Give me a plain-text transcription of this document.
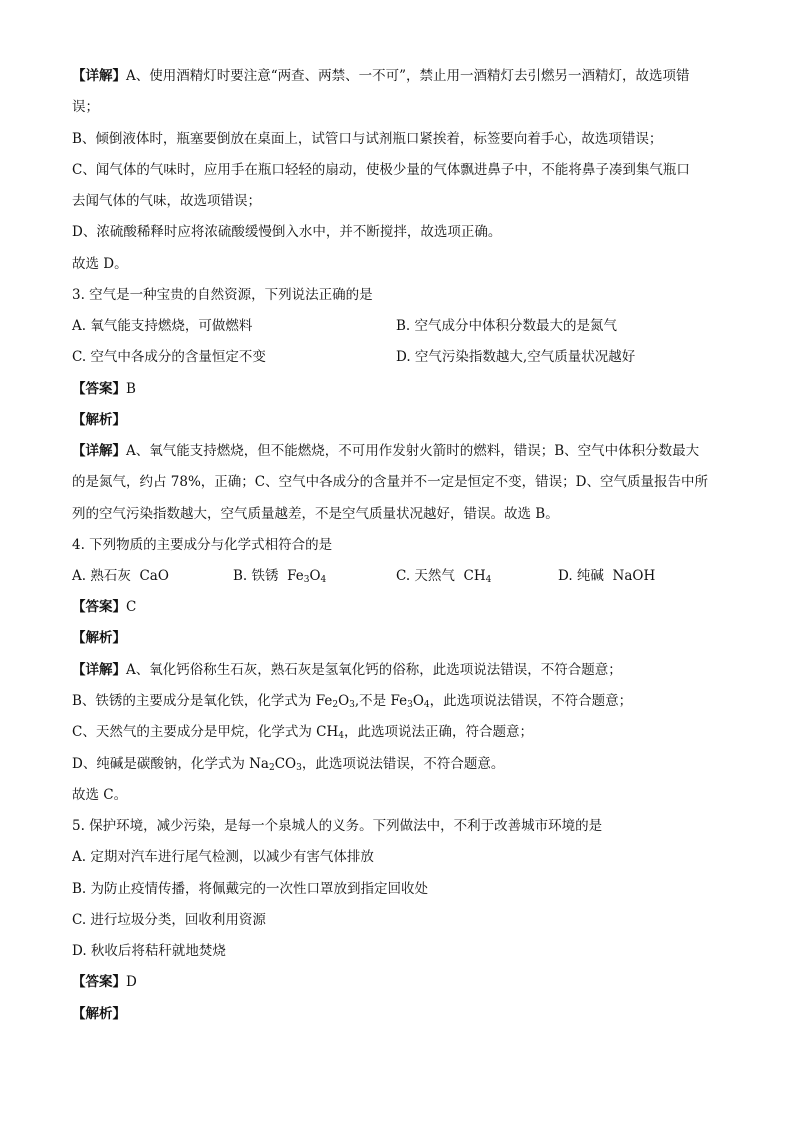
【详解】A、使用酒精灯时要注意“两查、两禁、一不可”，禁止用一酒精灯去引燃另一酒精灯，故选项错
误；
B、倾倒液体时，瓶塞要倒放在桌面上，试管口与试剂瓶口紧挨着，标签要向着手心，故选项错误；
C、闻气体的气味时，应用手在瓶口轻轻的扇动，使极少量的气体飘进鼻子中，不能将鼻子凑到集气瓶口
去闻气体的气味，故选项错误；
D、浓硫酸稀释时应将浓硫酸缓慢倒入水中，并不断搅拌，故选项正确。
故选 D。
3. 空气是一种宝贵的自然资源，下列说法正确的是
A. 氧气能支持燃烧，可做燃料	B. 空气成分中体积分数最大的是氮气
C. 空气中各成分的含量恒定不变	D. 空气污染指数越大,空气质量状况越好
【答案】B
【解析】
【详解】A、氧气能支持燃烧，但不能燃烧，不可用作发射火箭时的燃料，错误；B、空气中体积分数最大
的是氮气，约占 78%，正确；C、空气中各成分的含量并不一定是恒定不变，错误；D、空气质量报告中所
列的空气污染指数越大，空气质量越差，不是空气质量状况越好，错误。故选 B。
4. 下列物质的主要成分与化学式相符合的是
A. 熟石灰 CaO	B. 铁锈 $Fe_3O_4$	C. 天然气 $CH_4$	D. 纯碱 NaOH
【答案】C
【解析】
【详解】A、氧化钙俗称生石灰，熟石灰是氢氧化钙的俗称，此选项说法错误，不符合题意；
B、铁锈的主要成分是氧化铁，化学式为 $Fe_2O_3$,不是 $Fe_3O_4$，此选项说法错误，不符合题意；
C、天然气的主要成分是甲烷，化学式为 $CH_4$，此选项说法正确，符合题意；
D、纯碱是碳酸钠，化学式为 $Na_2CO_3$，此选项说法错误，不符合题意。
故选 C。
5. 保护环境，减少污染，是每一个泉城人的义务。下列做法中，不利于改善城市环境的是
A. 定期对汽车进行尾气检测，以减少有害气体排放
B. 为防止疫情传播，将佩戴完的一次性口罩放到指定回收处
C. 进行垃圾分类，回收利用资源
D. 秋收后将秸秆就地焚烧
【答案】D
【解析】
